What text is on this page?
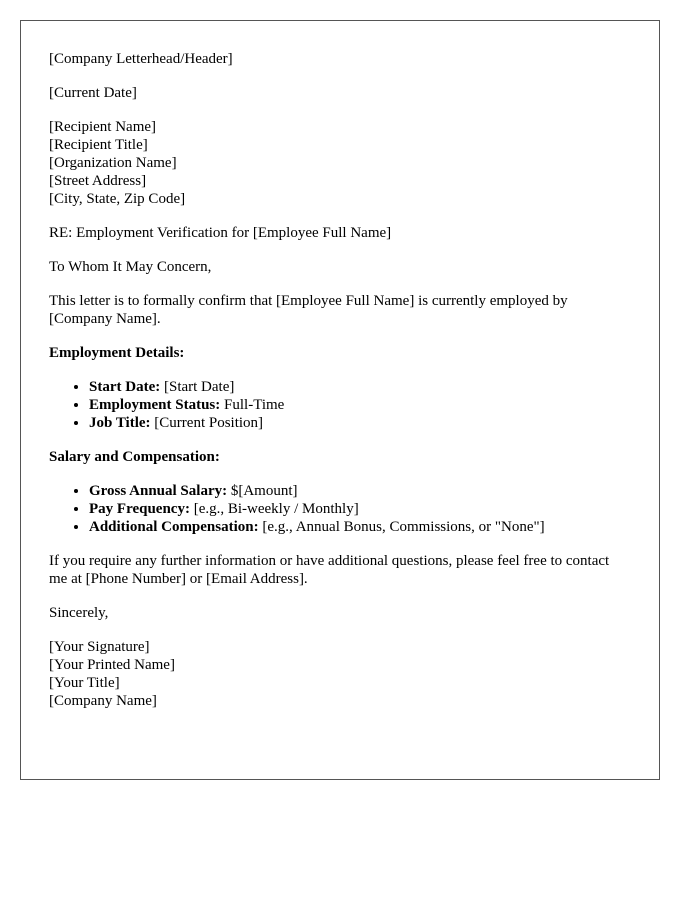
[Company Letterhead/Header]

[Current Date]

[Recipient Name]
[Recipient Title]
[Organization Name]
[Street Address]
[City, State, Zip Code]

RE: Employment Verification for [Employee Full Name]

To Whom It May Concern,

This letter is to formally confirm that [Employee Full Name] is currently employed by [Company Name].

Employment Details:
• Start Date: [Start Date]
• Employment Status: Full-Time
• Job Title: [Current Position]
Salary and Compensation:
• Gross Annual Salary: $[Amount]
• Pay Frequency: [e.g., Bi-weekly / Monthly]
• Additional Compensation: [e.g., Annual Bonus, Commissions, or "None"]

If you require any further information or have additional questions, please feel free to contact me at [Phone Number] or [Email Address].

Sincerely,

[Your Signature]
[Your Printed Name]
[Your Title]
[Company Name]
